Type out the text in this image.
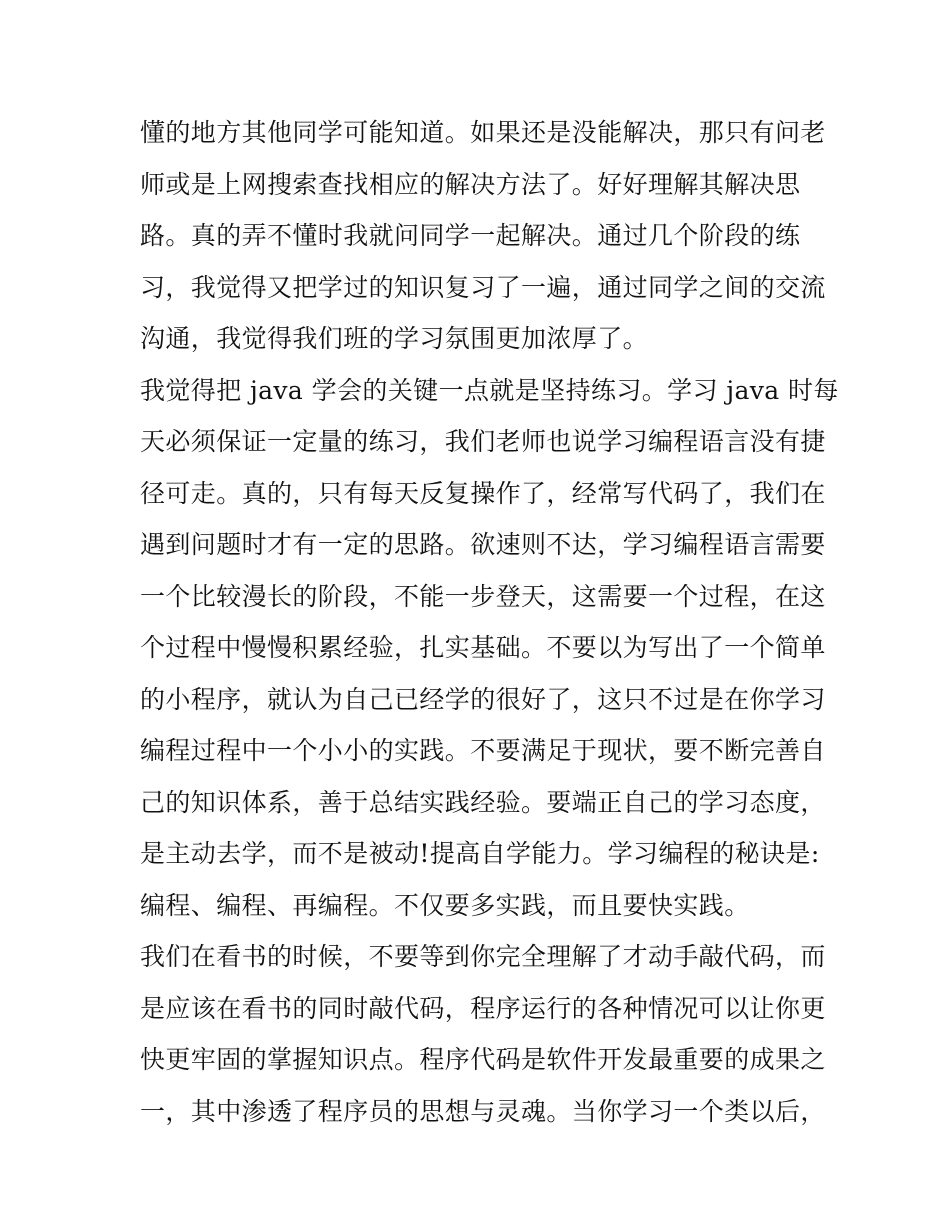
懂的地方其他同学可能知道。如果还是没能解决，那只有问老
师或是上网搜索查找相应的解决方法了。好好理解其解决思
路。真的弄不懂时我就问同学一起解决。通过几个阶段的练
习，我觉得又把学过的知识复习了一遍，通过同学之间的交流
沟通，我觉得我们班的学习氛围更加浓厚了。
我觉得把 java 学会的关键一点就是坚持练习。学习 java 时每
天必须保证一定量的练习，我们老师也说学习编程语言没有捷
径可走。真的，只有每天反复操作了，经常写代码了，我们在
遇到问题时才有一定的思路。欲速则不达，学习编程语言需要
一个比较漫长的阶段，不能一步登天，这需要一个过程，在这
个过程中慢慢积累经验，扎实基础。不要以为写出了一个简单
的小程序，就认为自己已经学的很好了，这只不过是在你学习
编程过程中一个小小的实践。不要满足于现状，要不断完善自
己的知识体系，善于总结实践经验。要端正自己的学习态度，
是主动去学，而不是被动!提高自学能力。学习编程的秘诀是:
编程、编程、再编程。不仅要多实践，而且要快实践。
我们在看书的时候，不要等到你完全理解了才动手敲代码，而
是应该在看书的同时敲代码，程序运行的各种情况可以让你更
快更牢固的掌握知识点。程序代码是软件开发最重要的成果之
一，其中渗透了程序员的思想与灵魂。当你学习一个类以后，
